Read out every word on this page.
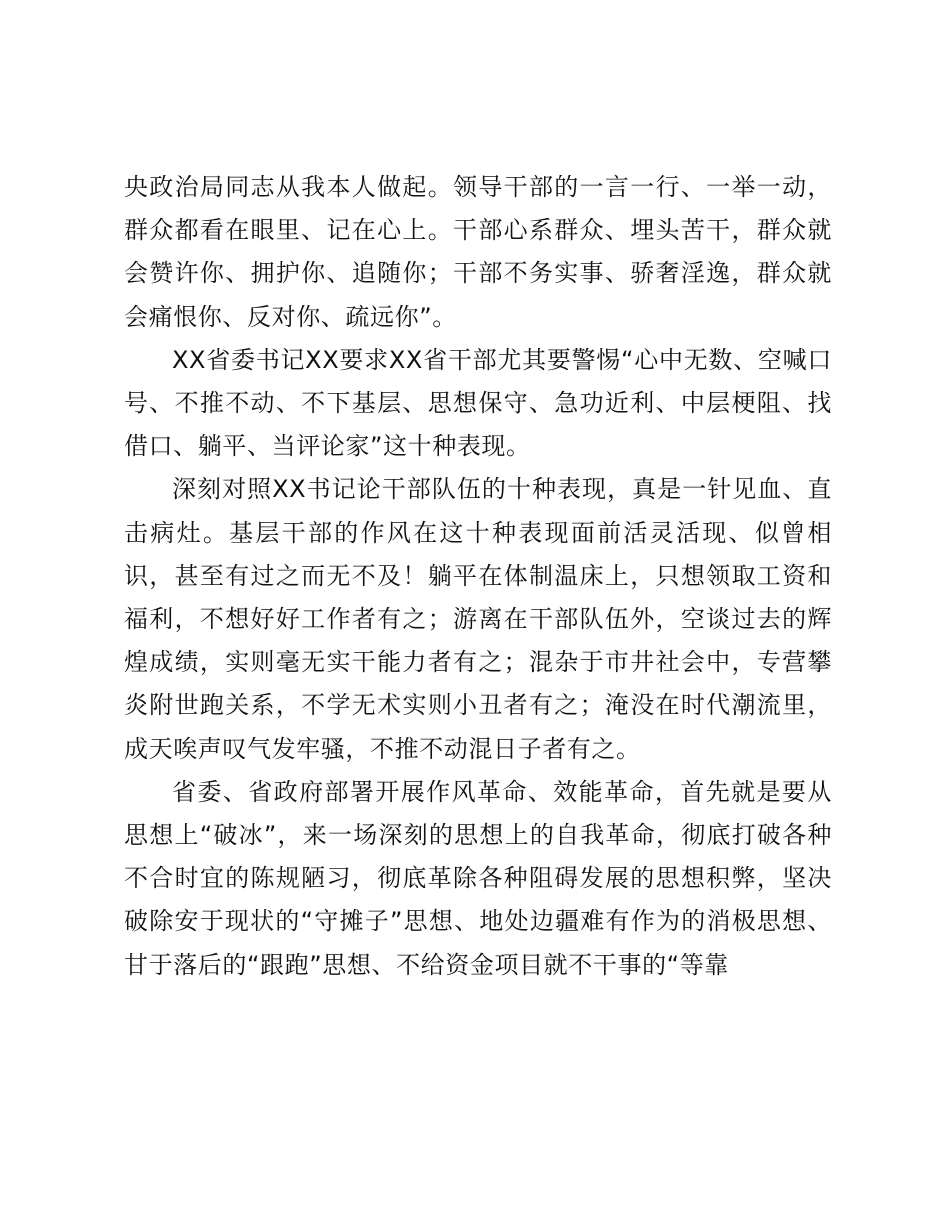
央政治局同志从我本人做起。领导干部的一言一行、一举一动，群众都看在眼里、记在心上。干部心系群众、埋头苦干，群众就会赞许你、拥护你、追随你；干部不务实事、骄奢淫逸，群众就会痛恨你、反对你、疏远你”。

XX省委书记XX要求XX省干部尤其要警惕“心中无数、空喊口号、不推不动、不下基层、思想保守、急功近利、中层梗阻、找借口、躺平、当评论家”这十种表现。

深刻对照XX书记论干部队伍的十种表现，真是一针见血、直击病灶。基层干部的作风在这十种表现面前活灵活现、似曾相识，甚至有过之而无不及！躺平在体制温床上，只想领取工资和福利，不想好好工作者有之；游离在干部队伍外，空谈过去的辉煌成绩，实则毫无实干能力者有之；混杂于市井社会中，专营攀炎附世跑关系，不学无术实则小丑者有之；淹没在时代潮流里，成天唉声叹气发牢骚，不推不动混日子者有之。

省委、省政府部署开展作风革命、效能革命，首先就是要从思想上“破冰”，来一场深刻的思想上的自我革命，彻底打破各种不合时宜的陈规陋习，彻底革除各种阻碍发展的思想积弊，坚决破除安于现状的“守摊子”思想、地处边疆难有作为的消极思想、甘于落后的“跟跑”思想、不给资金项目就不干事的“等靠
